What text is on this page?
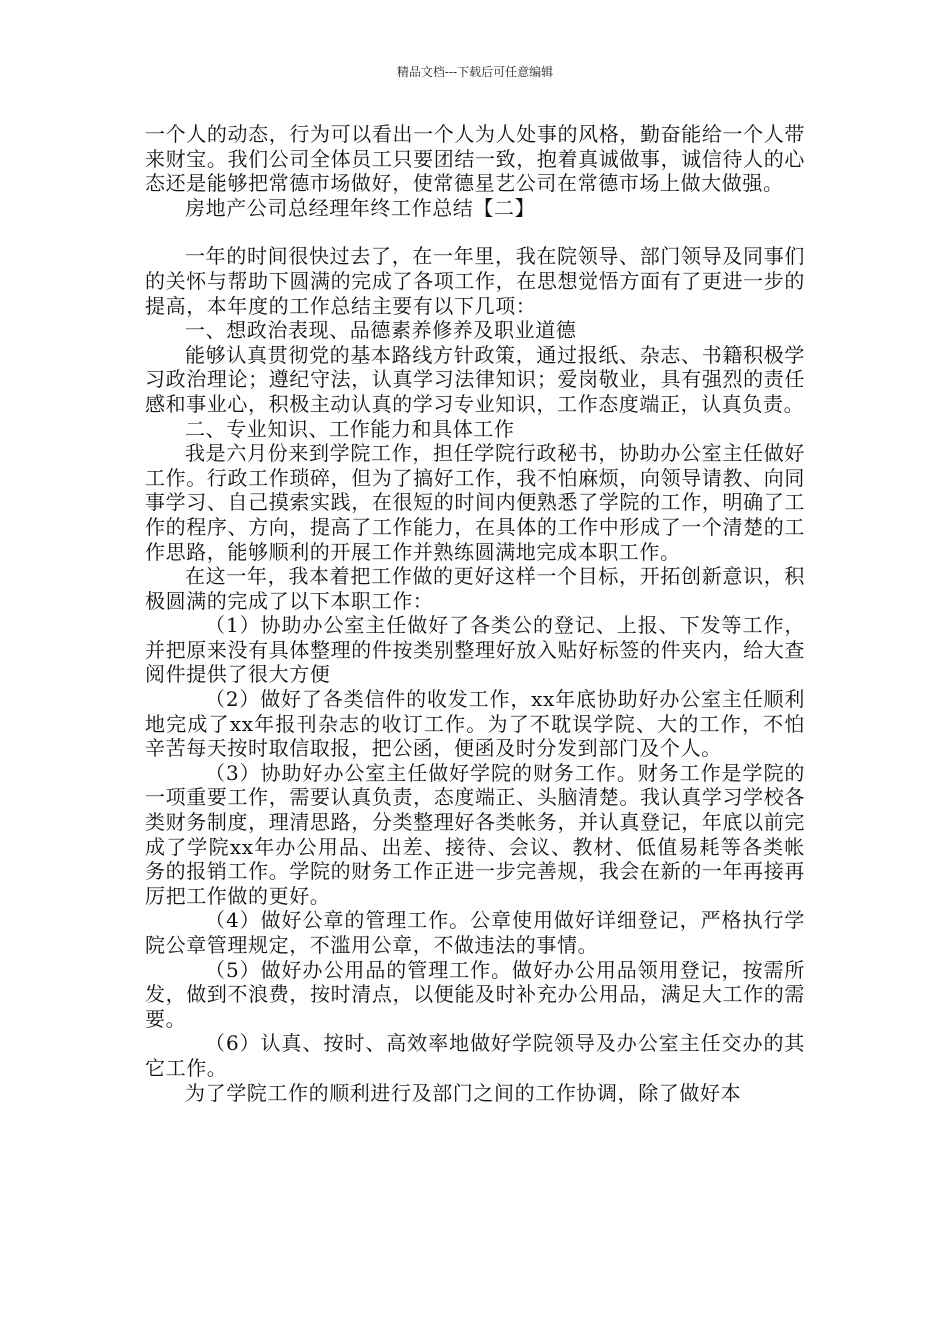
精品文档---下载后可任意编辑

一个人的动态，行为可以看出一个人为人处事的风格，勤奋能给一个人带来财宝。我们公司全体员工只要团结一致，抱着真诚做事，诚信待人的心态还是能够把常德市场做好，使常德星艺公司在常德市场上做大做强。

房地产公司总经理年终工作总结【二】

一年的时间很快过去了，在一年里，我在院领导、部门领导及同事们的关怀与帮助下圆满的完成了各项工作，在思想觉悟方面有了更进一步的提高，本年度的工作总结主要有以下几项：

一、想政治表现、品德素养修养及职业道德

能够认真贯彻党的基本路线方针政策，通过报纸、杂志、书籍积极学习政治理论；遵纪守法，认真学习法律知识；爱岗敬业，具有强烈的责任感和事业心，积极主动认真的学习专业知识，工作态度端正，认真负责。

二、专业知识、工作能力和具体工作

我是六月份来到学院工作，担任学院行政秘书，协助办公室主任做好工作。行政工作琐碎，但为了搞好工作，我不怕麻烦，向领导请教、向同事学习、自己摸索实践，在很短的时间内便熟悉了学院的工作，明确了工作的程序、方向，提高了工作能力，在具体的工作中形成了一个清楚的工作思路，能够顺利的开展工作并熟练圆满地完成本职工作。

在这一年，我本着把工作做的更好这样一个目标，开拓创新意识，积极圆满的完成了以下本职工作：

（1）协助办公室主任做好了各类公的登记、上报、下发等工作，并把原来没有具体整理的件按类别整理好放入贴好标签的件夹内，给大查阅件提供了很大方便

（2）做好了各类信件的收发工作，xx年底协助好办公室主任顺利地完成了xx年报刊杂志的收订工作。为了不耽误学院、大的工作，不怕辛苦每天按时取信取报，把公函，便函及时分发到部门及个人。

（3）协助好办公室主任做好学院的财务工作。财务工作是学院的一项重要工作，需要认真负责，态度端正、头脑清楚。我认真学习学校各类财务制度，理清思路，分类整理好各类帐务，并认真登记，年底以前完成了学院xx年办公用品、出差、接待、会议、教材、低值易耗等各类帐务的报销工作。学院的财务工作正进一步完善规，我会在新的一年再接再厉把工作做的更好。

（4）做好公章的管理工作。公章使用做好详细登记，严格执行学院公章管理规定，不滥用公章，不做违法的事情。

（5）做好办公用品的管理工作。做好办公用品领用登记，按需所发，做到不浪费，按时清点，以便能及时补充办公用品，满足大工作的需要。

（6）认真、按时、高效率地做好学院领导及办公室主任交办的其它工作。

为了学院工作的顺利进行及部门之间的工作协调，除了做好本
